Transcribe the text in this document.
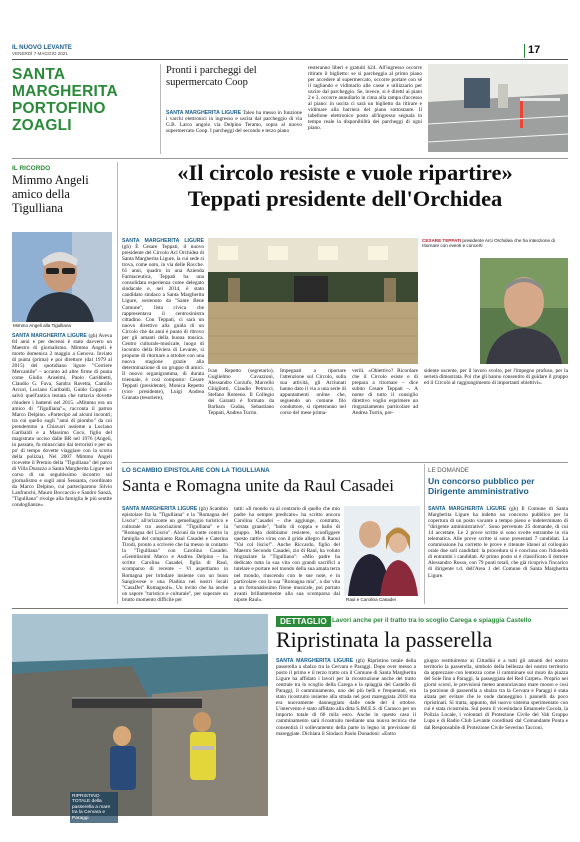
IL NUOVO LEVANTE
VENERDÌ 7 MAGGIO 2021	17
SANTA
MARGHERITA
PORTOFINO
ZOAGLI
Pronti i parcheggi del supermercato Coop
SANTA MARGHERITA LIGURE Taleo ha messo in funzione i varchi elettronici in ingresso e uscita dal parcheggio di via G.B. Larco angolo via Delpino Teramo, sopra al nuovo supermercato Coop. I parcheggi del secondo e terzo piano
resteranno liberi e gratuiti h24. All'ingresso occorre ritirare il biglietto: se si parcheggia al primo piano per accedere al supermercato, occorre portare con sé il tagliando e vidimarlo alle casse e utilizzarlo per uscire dal parcheggio. Se, invece, si è diretti ai piani 2 e 3, occorre annullarlo in cima alla rampa d'accesso al piano: in uscita ci sarà un biglietto da ritirare e vidimare alla barriera del piano sottostante. Il tabellone elettronico posto all'ingresso segnala in tempo reale la disponibilità dei parcheggi di ogni piano.
IL RICORDO
Mimmo Angeli amico della Tigulliana
Mimmo Angeli alla Tigulliana
SANTA MARGHERITA LIGURE (gh) Aveva 84 anni e per decenni è stato davvero un Maestro di giornalismo. Mimmo Angeli è morto domenica 2 maggio a Genova. Inviato di punta (prima) e poi direttore (dal 1979 al 2015) del quotidiano ligure "Corriere Mercantile" – accanto ad altre firme di punta come Giulio Anselmi, Paolo Garibbetti, Claudio G. Fava, Sandra Ravetta, Camillo Arcuri, Luciano Garibaldi, Guido Coppini – salvò quell'antica testata che tuttavia dovette chiudere i battenti nel 2015. «Mimmo era un amico di "Tigulliana"», racconta il patron Marco Delpino. «Partecipò ad alcuni incontri; tra cui quello sugli "anni di piombo" da cui prendemmo a Chiavari assieme a Luciano Garibaldi e a Massimo Coco, figlio del magistrato ucciso dalle BR nel 1976 (Angeli, in passato, fu minacciato dai terroristi e per un po' di tempo dovette viaggiare con la scorta della polizia). Nel 2007 Mimmo Angeli ricevette il Premio della "Tigulliana" del parco di Villa Durazzo a Santa Margherita Ligure nel corso di un seguitissimo incontro sul giornalismo e sugli anni Sessanta, coordinato da Marco Delpino, cui parteciparono Silvio Lanfranchi, Mauro Boccaccio e Sandro Sanzà, "Tigulliana" rivolge alla famiglia le più sentite condoglianze».
«Il circolo resiste e vuole ripartire»
Teppati presidente dell'Orchidea
SANTA MARGHERITA LIGURE (gh) È Cesare Teppati, il nuovo presidente del Circolo Acl Orchidea di Santa Margherita Ligure, la cui sede si trova, come noto, in via delle Rocche. 61 anni, quadro in una Azienda Farmaceutica, Teppati ha una consolidata esperienza come delegato sindacale e, nel 2014, è stato candidato sindaco a Santa Margherita Ligure, sostenuto da "Sante Bene Comune", lista civica che rappresentava il centrosinistra cittadino. Con Teppati, ci sarà un nuovo direttivo alla guida di un Circolo che da anni è punto di ritrovo per gli amanti della buona musica. Centro culturale-musicale, luogo di incontro della Riviera di Levante, si propone di ritornare a ottobre con una nuova stagione grazie alla determinazione di un gruppo di amici. Il nuovo organigramma, di durata triennale, è così composto: Cesare Teppati (presidente), Monica Repetto (vice presidente), Luigi Andrea Granata (tesoriere),
CESARE TEPPATI presidente Arci Orchidea che ha intenzione di ritornare con eventi e concerti
Ivan Repetto (segretario), Guglielmo Cavazzoni, Alessandro Corzufo, Marcello Ghigliotti, Claudio Petrucci, Stefano Romeno. Il Collegio dei Garanti è formato da Barbara Gudas, Sebastiano Teppati, Andrea Turrin.
Impegnati a riportare l'attenzione sul Circolo, sulla sua attività, gli Arciunati hanno dato il via a una serie di appuntamenti online che, seguendo un comune filo conduttore, si ripeteranno nel corso del mese prima-
verili. «Obiettivo? Ricordare che il Circolo esiste e di prepara a ritornare – dice subito Cesare Teppati –. A nome di tutto il consiglio direttivo voglio esprimere un ringraziamento particolare ad Andrea Turrin, pre-
sidente uscente, per il lavoro svolto, per l'impegno profuso, per la serietà dimostrata. Poi che gli hanno consentito di guidare il gruppo ed il Circolo al raggiungimento di importanti obiettivi».
LO SCAMBIO EPISTOLARE CON LA TIGULLIANA
Santa e Romagna unite da Raul Casadei
SANTA MARGHERITA LIGURE (gh) Scambio epistolare fra la "Tigulliana" e la "Romagna del Liscio": all'orizzonte un gemellaggio turistico e culturale tra associazioni "Tigulliana" e la "Romagna del Liscio". Alcuni da tutte contro la famiglia del compianto Raul Casadei e Caterina Tirodi, pronto a scrivere che ha messo in contatto la "Tigulliana" con Carolina Casadei. «Gentilissimi Marco e Andrea Delpino – ha scritto Carolina Casadei, figlia di Raul, scomparso di recente – Vi aspettiamo in Romagna per brindare insieme con un buon Sangiovese e una Piadina nei nostri locali "CasaDei" Romagnoli». Un invito che ha anche un sapore "turistico e culturale", per superare un brutto momento difficile per
tutti: «Il mondo va al contrario di quello che mio padre ha sempre predicato» ha scritto ancora Carolina Casadei – che aggiunge, contratto, "serata grande", "ballo di coppia e ballo di gruppo. Ma dobbiamo resistere, sconfiggere questo cattivo virus con il grido allegro di Raoul "Vai col liscio!". Anche Riccardo, figlio del Maestro Secondo Casadei, zio di Raul, ha voluto ringraziare la "Tigulliana": «Mio padre ha dedicato tutta la sua vita con grandi sacrifici a tutelare e portare nel mondo della sua amata terra nel mondo, riuscendo con le sue note, e in particolare con la sua "Romagna mia", a dar vita a un fortunatissimo filone musicale, poi portato avanti brillantemente alla sua scomparsa dal nipote Raul».	Raul e Carolina Casadei
LE DOMANDE
Un concorso pubblico per Dirigente amministrativo
SANTA MARGHERITA LIGURE (gh) Il Comune di Santa Margherita Ligure ha indetto un concorso pubblico per la copertura di un posto vacante a tempo pieno e indeterminato di "dirigente amministrativo". Sono pervenute 25 domande, di cui 14 accettate. Le 2 prove scritte si sono svolte entrambe in via telematica. Alle prove scritte si sono presentati 7 candidati. La commissione ha corretto le prove e ritenute idonei al colloquio orale due soli candidati: la procedura si è conclusa con l'idoneità di entrambi i candidati. Al primo posto si è classificato il dottore Alessandro Russo, con 79 punti totali, che già ricopriva l'incarico di dirigente t.d. dell'Area 1 del Comune di Santa Margherita Ligure.
RIPRISTINO TOTALE della passerella a mare tra la Cervara e Paraggi
DETTAGLIO Lavori anche per il tratto tra lo scoglio Carega e spiaggia Castello
Ripristinata la passerella
SANTA MARGHERITA LIGURE (gh) Ripristino totale della passerella a sbalzo tra la Cervara e Paraggi. Dopo over messo a posto il primo e il terzo tratto ora il Comune di Santa Margherita Ligure ha affidato i lavori per la ricostruzione anche del tratto centrale tra lo scoglio della Carega e la spiaggia del Castello di Paraggi, il camminamento, uno dei più belli e frequentati, era stato ricostruito insieme alla strada nel post mareggiata 2018 ma era nuovamente danneggiato dalle onde del 4 ottobre. L'intervento è stato affidato alla ditta S.IM.E.S. di Carasco per un importo totale di 66 mila euro. Anche in questo caso il camminamento sarà ricostruito mediante una nuova tecnica che consentirà il sollevamento della parte in legno in previsione di mareggiate. Dichiara il Sindaco Paolo Donadoni: «Entro
giugno restituiremo ai Cittadini e a tutti gli amanti del nostro territorio la passerella, simbolo della bellezza del nostro territorio da apprezzare con lentezza come il camminare sul muro da piazza del Sole fino a Paraggi, la passeggiata del Red Carpet». Proprio nei giorni scorsi, le previsioni meteo annunciavano mare mosso e così la porzione di passerella a sbalzo tra la Cervara e Paraggi è stata alzata per evitare che le onde danneggino i pannelli da poco ripristinati. Si tratta, appunto, del nuovo sistema sperimentato con cui è stata ricostruita. Sul posto il vicesindaco Emanuele Cocola, la Polizia Locale, i volontari di Protezione Civile del Vab Gruppo Lupo e di Radio Club Levante coordinati dal Comandante Ponta e dal Responsabile di Protezione Civile Severino Tacconi.
